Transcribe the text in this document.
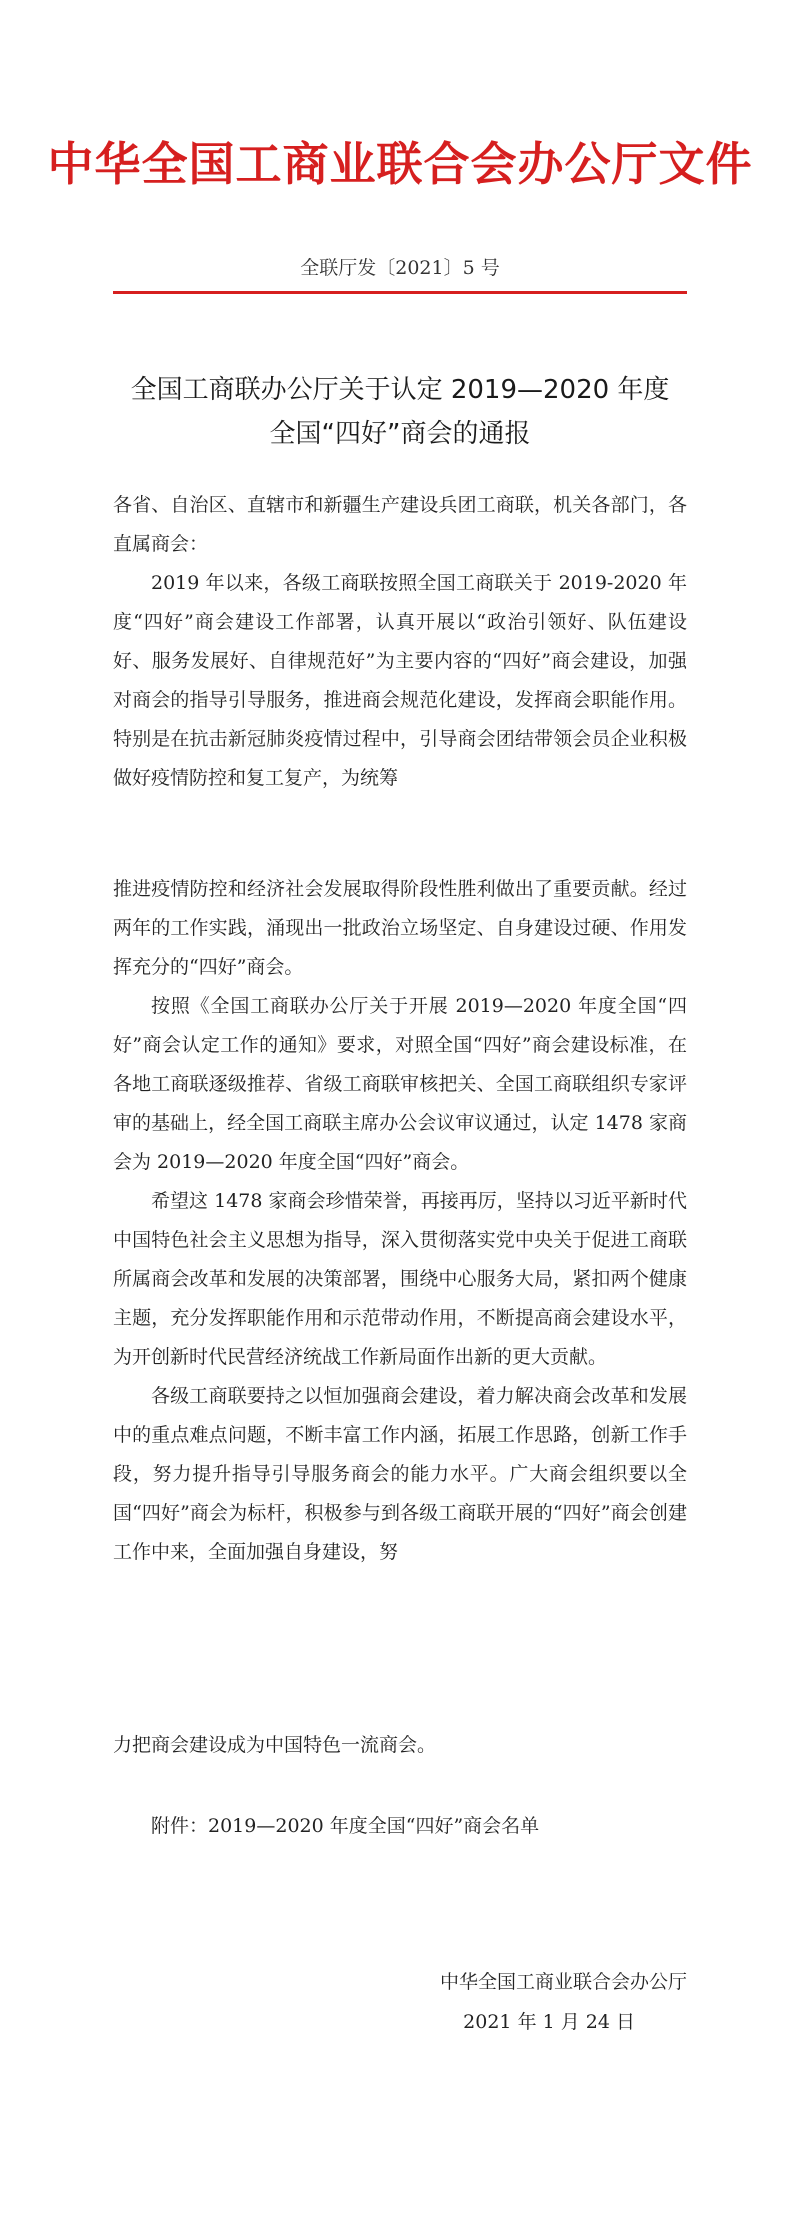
中华全国工商业联合会办公厅文件
全联厅发〔2021〕5 号
全国工商联办公厅关于认定 2019—2020 年度
全国“四好”商会的通报

各省、自治区、直辖市和新疆生产建设兵团工商联，机关各部门，各直属商会：

2019 年以来，各级工商联按照全国工商联关于 2019-2020 年度“四好”商会建设工作部署，认真开展以“政治引领好、队伍建设好、服务发展好、自律规范好”为主要内容的“四好”商会建设，加强对商会的指导引导服务，推进商会规范化建设，发挥商会职能作用。特别是在抗击新冠肺炎疫情过程中，引导商会团结带领会员企业积极做好疫情防控和复工复产，为统筹

推进疫情防控和经济社会发展取得阶段性胜利做出了重要贡献。经过两年的工作实践，涌现出一批政治立场坚定、自身建设过硬、作用发挥充分的“四好”商会。

按照《全国工商联办公厅关于开展 2019—2020 年度全国“四好”商会认定工作的通知》要求，对照全国“四好”商会建设标准，在各地工商联逐级推荐、省级工商联审核把关、全国工商联组织专家评审的基础上，经全国工商联主席办公会议审议通过，认定 1478 家商会为 2019—2020 年度全国“四好”商会。

希望这 1478 家商会珍惜荣誉，再接再厉，坚持以习近平新时代中国特色社会主义思想为指导，深入贯彻落实党中央关于促进工商联所属商会改革和发展的决策部署，围绕中心服务大局，紧扣两个健康主题，充分发挥职能作用和示范带动作用，不断提高商会建设水平，为开创新时代民营经济统战工作新局面作出新的更大贡献。

各级工商联要持之以恒加强商会建设，着力解决商会改革和发展中的重点难点问题，不断丰富工作内涵，拓展工作思路，创新工作手段，努力提升指导引导服务商会的能力水平。广大商会组织要以全国“四好”商会为标杆，积极参与到各级工商联开展的“四好”商会创建工作中来，全面加强自身建设，努

力把商会建设成为中国特色一流商会。

附件：2019—2020 年度全国“四好”商会名单

中华全国工商业联合会办公厅
2021 年 1 月 24 日
